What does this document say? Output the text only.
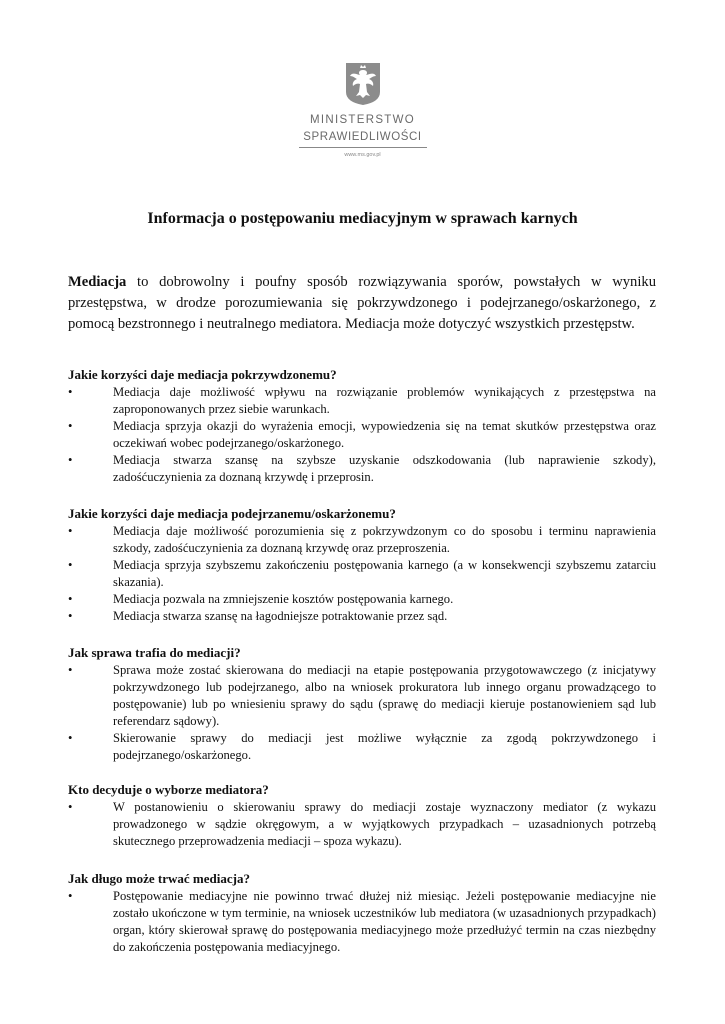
MINISTERSTWO
SPRAWIEDLIWOŚCI
www.ms.gov.pl
Informacja o postępowaniu mediacyjnym w sprawach karnych

Mediacja to dobrowolny i poufny sposób rozwiązywania sporów, powstałych w wyniku przestępstwa, w drodze porozumiewania się pokrzywdzonego i podejrzanego/oskarżonego, z pomocą bezstronnego i neutralnego mediatora. Mediacja może dotyczyć wszystkich przestępstw.

Jakie korzyści daje mediacja pokrzywdzonemu?
•	Mediacja daje możliwość wpływu na rozwiązanie problemów wynikających z przestępstwa na zaproponowanych przez siebie warunkach.
•	Mediacja sprzyja okazji do wyrażenia emocji, wypowiedzenia się na temat skutków przestępstwa oraz oczekiwań wobec podejrzanego/oskarżonego.
•	Mediacja stwarza szansę na szybsze uzyskanie odszkodowania (lub naprawienie szkody), zadośćuczynienia za doznaną krzywdę i przeprosin.
Jakie korzyści daje mediacja podejrzanemu/oskarżonemu?
•	Mediacja daje możliwość porozumienia się z pokrzywdzonym co do sposobu i terminu naprawienia szkody, zadośćuczynienia za doznaną krzywdę oraz przeproszenia.
•	Mediacja sprzyja szybszemu zakończeniu postępowania karnego (a w konsekwencji szybszemu zatarciu skazania).
•	Mediacja pozwala na zmniejszenie kosztów postępowania karnego.
•	Mediacja stwarza szansę na łagodniejsze potraktowanie przez sąd.
Jak sprawa trafia do mediacji?
•	Sprawa może zostać skierowana do mediacji na etapie postępowania przygotowawczego (z inicjatywy pokrzywdzonego lub podejrzanego, albo na wniosek prokuratora lub innego organu prowadzącego to postępowanie) lub po wniesieniu sprawy do sądu (sprawę do mediacji kieruje postanowieniem sąd lub referendarz sądowy).
•	Skierowanie sprawy do mediacji jest możliwe wyłącznie za zgodą pokrzywdzonego i podejrzanego/oskarżonego.
Kto decyduje o wyborze mediatora?
•	W postanowieniu o skierowaniu sprawy do mediacji zostaje wyznaczony mediator (z wykazu prowadzonego w sądzie okręgowym, a w wyjątkowych przypadkach – uzasadnionych potrzebą skutecznego przeprowadzenia mediacji – spoza wykazu).
Jak długo może trwać mediacja?
•	Postępowanie mediacyjne nie powinno trwać dłużej niż miesiąc. Jeżeli postępowanie mediacyjne nie zostało ukończone w tym terminie, na wniosek uczestników lub mediatora (w uzasadnionych przypadkach) organ, który skierował sprawę do postępowania mediacyjnego może przedłużyć termin na czas niezbędny do zakończenia postępowania mediacyjnego.
